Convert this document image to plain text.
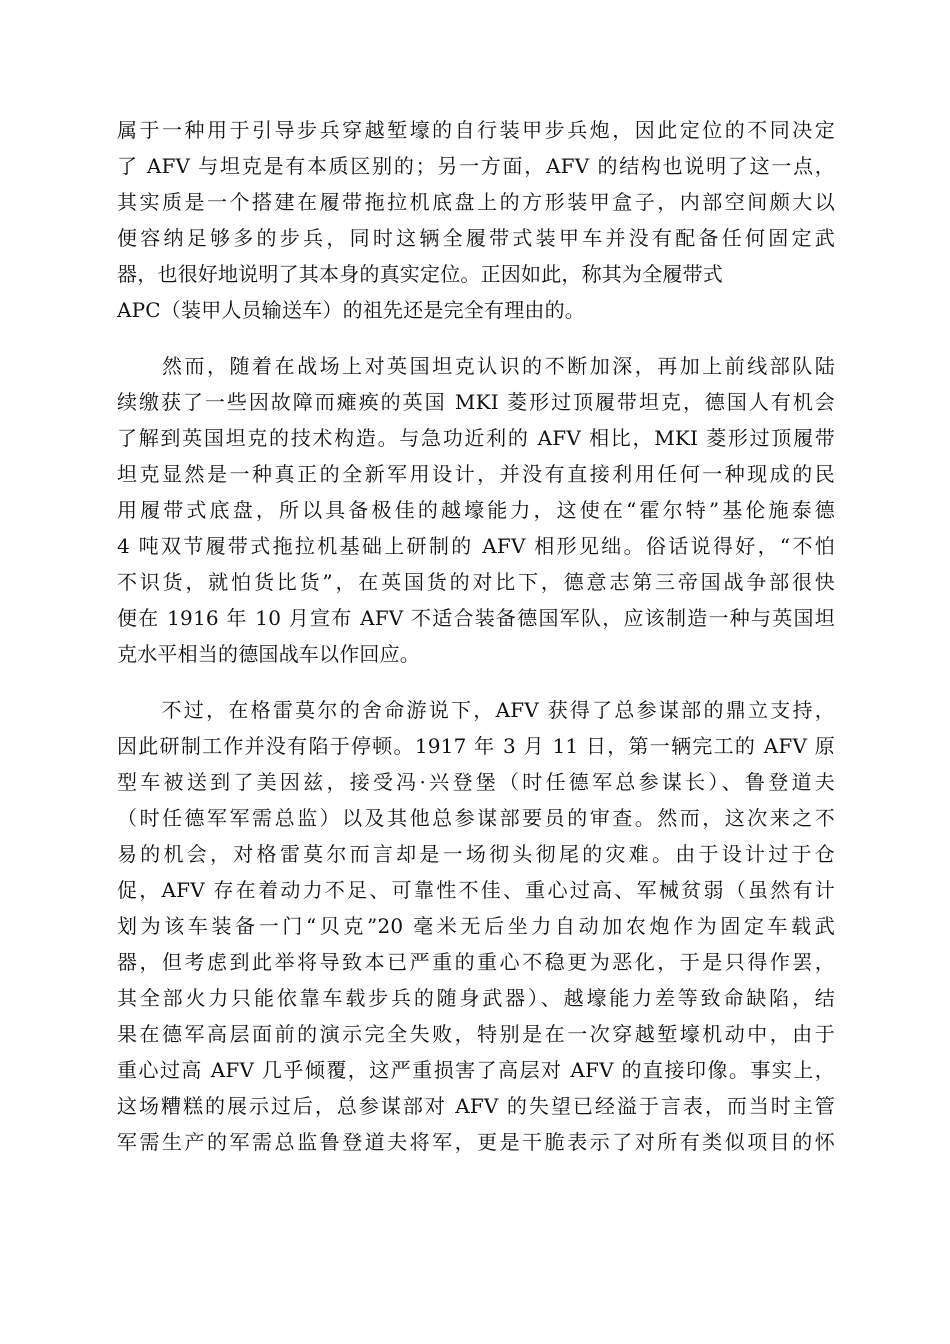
属于一种用于引导步兵穿越堑壕的自行装甲步兵炮，因此定位的不同决定
了 AFV 与坦克是有本质区别的；另一方面，AFV 的结构也说明了这一点，
其实质是一个搭建在履带拖拉机底盘上的方形装甲盒子，内部空间颇大以
便容纳足够多的步兵，同时这辆全履带式装甲车并没有配备任何固定武
器，也很好地说明了其本身的真实定位。正因如此，称其为全履带式
APC（装甲人员输送车）的祖先还是完全有理由的。
　　然而，随着在战场上对英国坦克认识的不断加深，再加上前线部队陆
续缴获了一些因故障而瘫痪的英国 MKI 菱形过顶履带坦克，德国人有机会
了解到英国坦克的技术构造。与急功近利的 AFV 相比，MKI 菱形过顶履带
坦克显然是一种真正的全新军用设计，并没有直接利用任何一种现成的民
用履带式底盘，所以具备极佳的越壕能力，这使在“霍尔特”基伦施泰德
4 吨双节履带式拖拉机基础上研制的 AFV 相形见绌。俗话说得好，“不怕
不识货，就怕货比货”，在英国货的对比下，德意志第三帝国战争部很快
便在 1916 年 10 月宣布 AFV 不适合装备德国军队，应该制造一种与英国坦
克水平相当的德国战车以作回应。
　　不过，在格雷莫尔的舍命游说下，AFV 获得了总参谋部的鼎立支持，
因此研制工作并没有陷于停顿。1917 年 3 月 11 日，第一辆完工的 AFV 原
型车被送到了美因兹，接受冯·兴登堡（时任德军总参谋长）、鲁登道夫
（时任德军军需总监）以及其他总参谋部要员的审查。然而，这次来之不
易的机会，对格雷莫尔而言却是一场彻头彻尾的灾难。由于设计过于仓
促，AFV 存在着动力不足、可靠性不佳、重心过高、军械贫弱（虽然有计
划为该车装备一门“贝克”20 毫米无后坐力自动加农炮作为固定车载武
器，但考虑到此举将导致本已严重的重心不稳更为恶化，于是只得作罢，
其全部火力只能依靠车载步兵的随身武器）、越壕能力差等致命缺陷，结
果在德军高层面前的演示完全失败，特别是在一次穿越堑壕机动中，由于
重心过高 AFV 几乎倾覆，这严重损害了高层对 AFV 的直接印像。事实上，
这场糟糕的展示过后，总参谋部对 AFV 的失望已经溢于言表，而当时主管
军需生产的军需总监鲁登道夫将军，更是干脆表示了对所有类似项目的怀
